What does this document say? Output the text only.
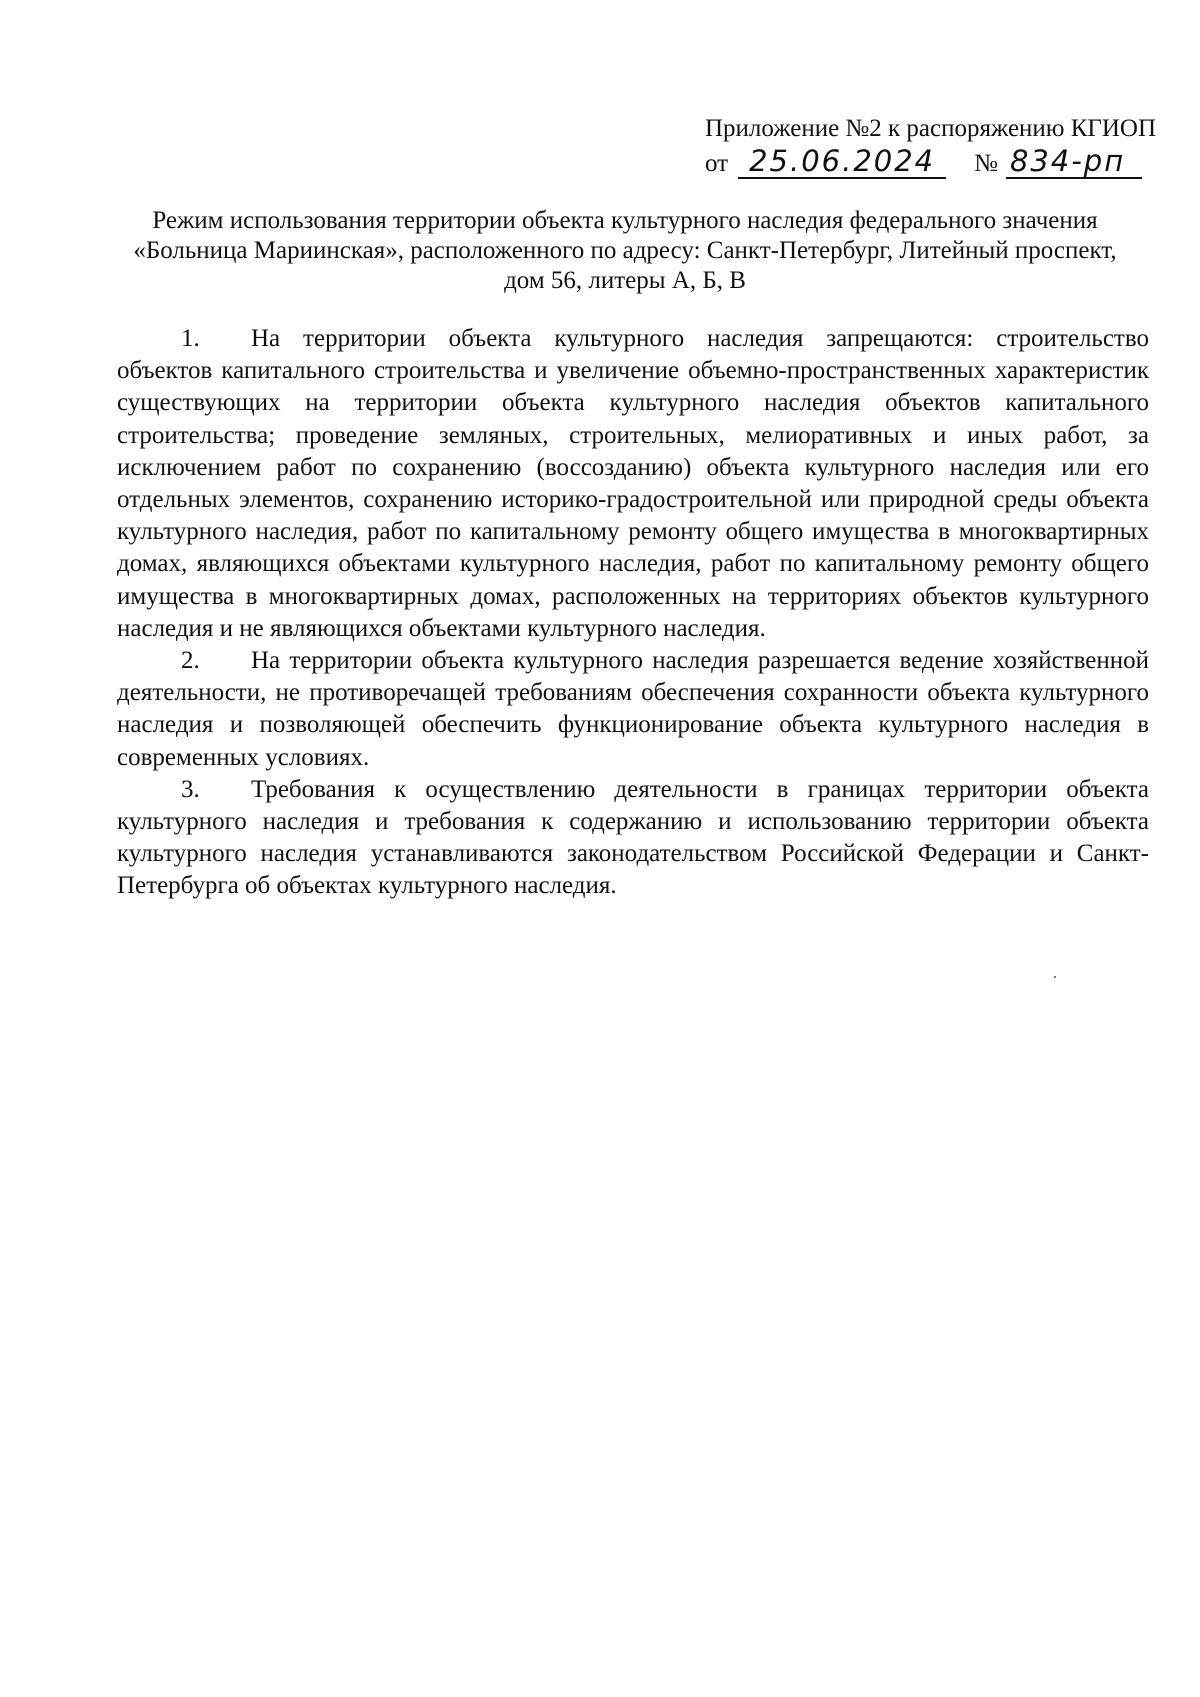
Приложение №2 к распоряжению КГИОП
от 25.06.2024	№ 834-рп
Режим использования территории объекта культурного наследия федерального значения
«Больница Мариинская», расположенного по адресу: Санкт-Петербург, Литейный проспект,
дом 56, литеры А, Б, В

1. На территории объекта культурного наследия запрещаются: строительство объектов капитального строительства и увеличение объемно-пространственных характеристик существующих на территории объекта культурного наследия объектов капитального строительства; проведение земляных, строительных, мелиоративных и иных работ, за исключением работ по сохранению (воссозданию) объекта культурного наследия или его отдельных элементов, сохранению историко-градостроительной или природной среды объекта культурного наследия, работ по капитальному ремонту общего имущества в многоквартирных домах, являющихся объектами культурного наследия, работ по капитальному ремонту общего имущества в многоквартирных домах, расположенных на территориях объектов культурного наследия и не являющихся объектами культурного наследия.

2. На территории объекта культурного наследия разрешается ведение хозяйственной деятельности, не противоречащей требованиям обеспечения сохранности объекта культурного наследия и позволяющей обеспечить функционирование объекта культурного наследия в современных условиях.

3. Требования к осуществлению деятельности в границах территории объекта культурного наследия и требования к содержанию и использованию территории объекта культурного наследия устанавливаются законодательством Российской Федерации и Санкт-Петербурга об объектах культурного наследия.
